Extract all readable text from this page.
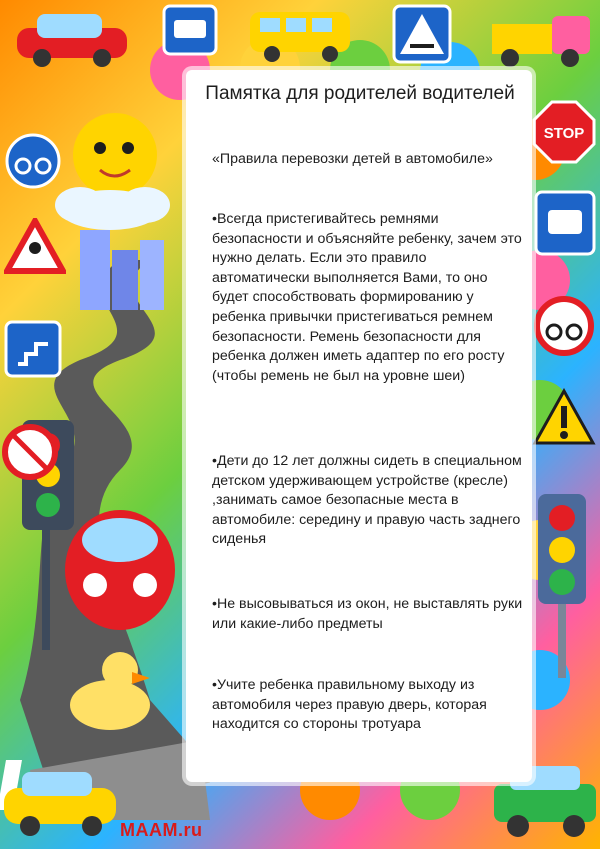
STOP
Памятка для родителей водителей
«Правила перевозки детей в автомобиле»
•Всегда пристегивайтесь ремнями безопасности и объясняйте ребенку, зачем это нужно делать. Если это правило автоматически выполняется Вами, то оно будет способствовать формированию у ребенка привычки пристегиваться ремнем безопасности. Ремень безопасности для ребенка должен иметь адаптер по его росту (чтобы ремень не был на уровне шеи)
•Дети до 12 лет должны сидеть в специальном детском удерживающем устройстве (кресле) ,занимать самое безопасные места в автомобиле: середину и правую часть заднего сиденья
•Не высовываться из окон, не выставлять руки или какие-либо предметы
•Учите ребенка правильному выходу из автомобиля через правую дверь, которая находится со стороны тротуара
MAAM.ru
